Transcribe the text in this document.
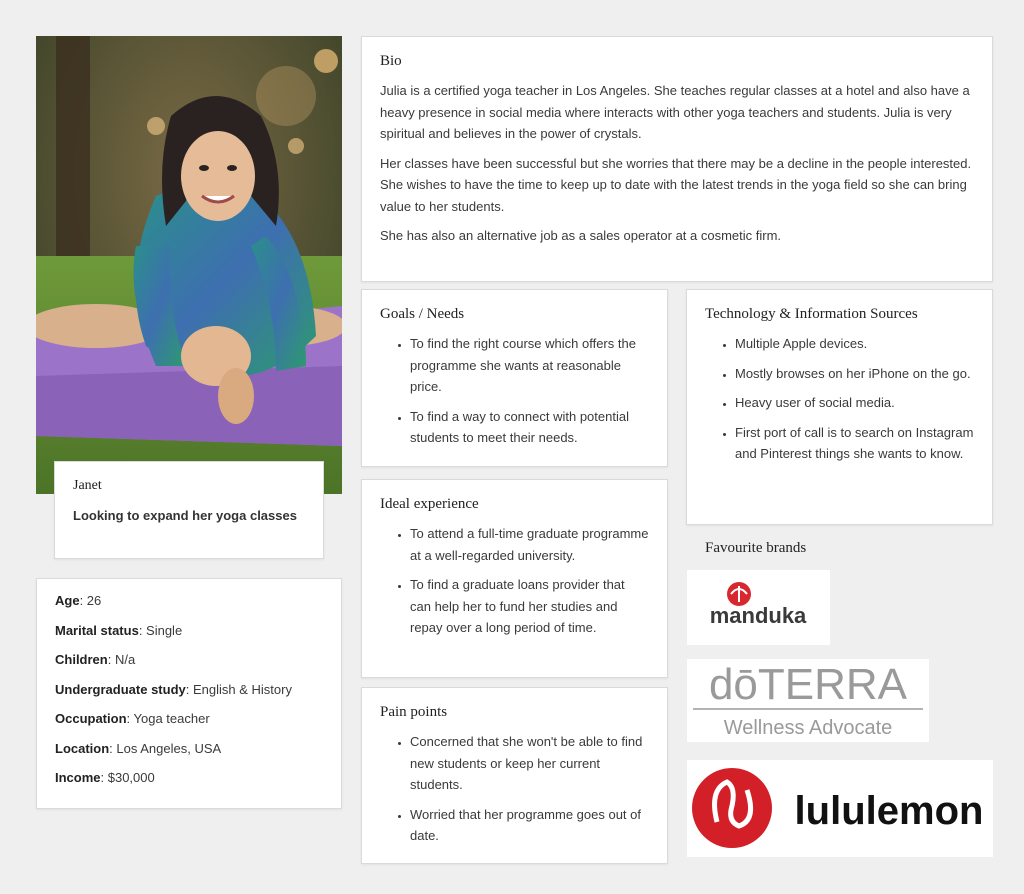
Janet
Looking to expand her yoga classes
Age: 26
Marital status: Single
Children: N/a
Undergraduate study: English & History
Occupation: Yoga teacher
Location: Los Angeles, USA
Income: $30,000
Bio

Julia is a certified yoga teacher in Los Angeles. She teaches regular classes at a hotel and also have a heavy presence in social media where interacts with other yoga teachers and students. Julia is very spiritual and believes in the power of crystals.

Her classes have been successful but she worries that there may be a decline in the people interested. She wishes to have the time to keep up to date with the latest trends in the yoga field so she can bring value to her students.

She has also an alternative job as a sales operator at a cosmetic firm.

Goals / Needs
• To find the right course which offers the programme she wants at reasonable price.
• To find a way to connect with potential students to meet their needs.
Ideal experience
• To attend a full-time graduate programme at a well-regarded university.
• To find a graduate loans provider that can help her to fund her studies and repay over a long period of time.
Pain points
• Concerned that she won't be able to find new students or keep her current students.
• Worried that her programme goes out of date.
Technology & Information Sources
• Multiple Apple devices.
• Mostly browses on her iPhone on the go.
• Heavy user of social media.
• First port of call is to search on Instagram and Pinterest things she wants to know.
Favourite brands
manduka
dōTERRA
Wellness Advocate
lululemon
